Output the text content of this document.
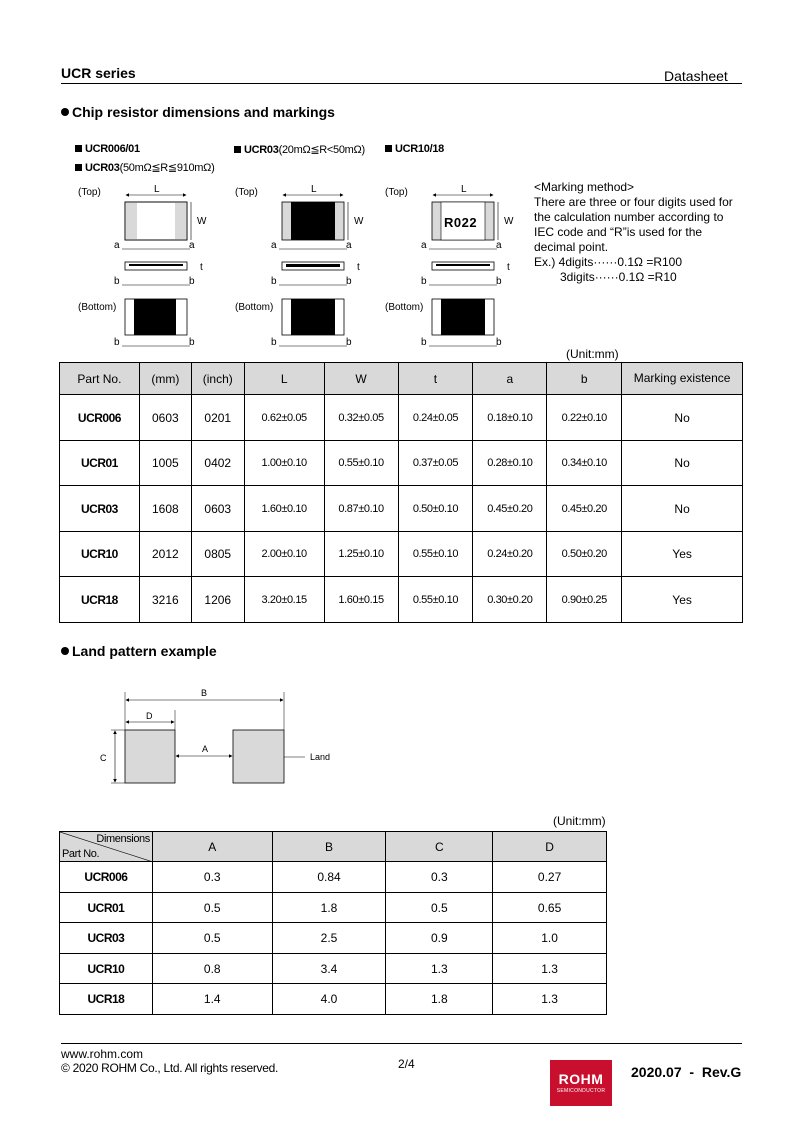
UCR series	Datasheet
Chip resistor dimensions and markings
UCR006/01	UCR03(20mΩ≦R<50mΩ)	UCR10/18
UCR03(50mΩ≦R≦910mΩ)
(Top)	L
W
a	a
t
b	b
(Bottom)
b	b
(Top)	L
W
a	a
t
b	b
(Bottom)
b	b
(Top)	L
R022	W
a	a
t
b	b
(Bottom)
b	b
<Marking method>
There are three or four digits used for
the calculation number according to
IEC code and “R”is used for the
decimal point.
Ex.) 4digits······0.1Ω =R100
3digits······0.1Ω =R10
(Unit:mm)
Part No.	(mm)	(inch)	L	W	t	a	b	Marking existence
UCR006	0603	0201	0.62±0.05	0.32±0.05	0.24±0.05	0.18±0.10	0.22±0.10	No
UCR01	1005	0402	1.00±0.10	0.55±0.10	0.37±0.05	0.28±0.10	0.34±0.10	No
UCR03	1608	0603	1.60±0.10	0.87±0.10	0.50±0.10	0.45±0.20	0.45±0.20	No
UCR10	2012	0805	2.00±0.10	1.25±0.10	0.55±0.10	0.24±0.20	0.50±0.20	Yes
UCR18	3216	1206	3.20±0.15	1.60±0.15	0.55±0.10	0.30±0.20	0.90±0.25	Yes
Land pattern example
B
D
A
C	Land
(Unit:mm)
Dimensions
Part No.	A	B	C	D
UCR006	0.3	0.84	0.3	0.27
UCR01	0.5	1.8	0.5	0.65
UCR03	0.5	2.5	0.9	1.0
UCR10	0.8	3.4	1.3	1.3
UCR18	1.4	4.0	1.8	1.3
www.rohm.com
© 2020 ROHM Co., Ltd. All rights reserved.	2/4
ROHM
SEMICONDUCTOR
2020.07  -  Rev.G
